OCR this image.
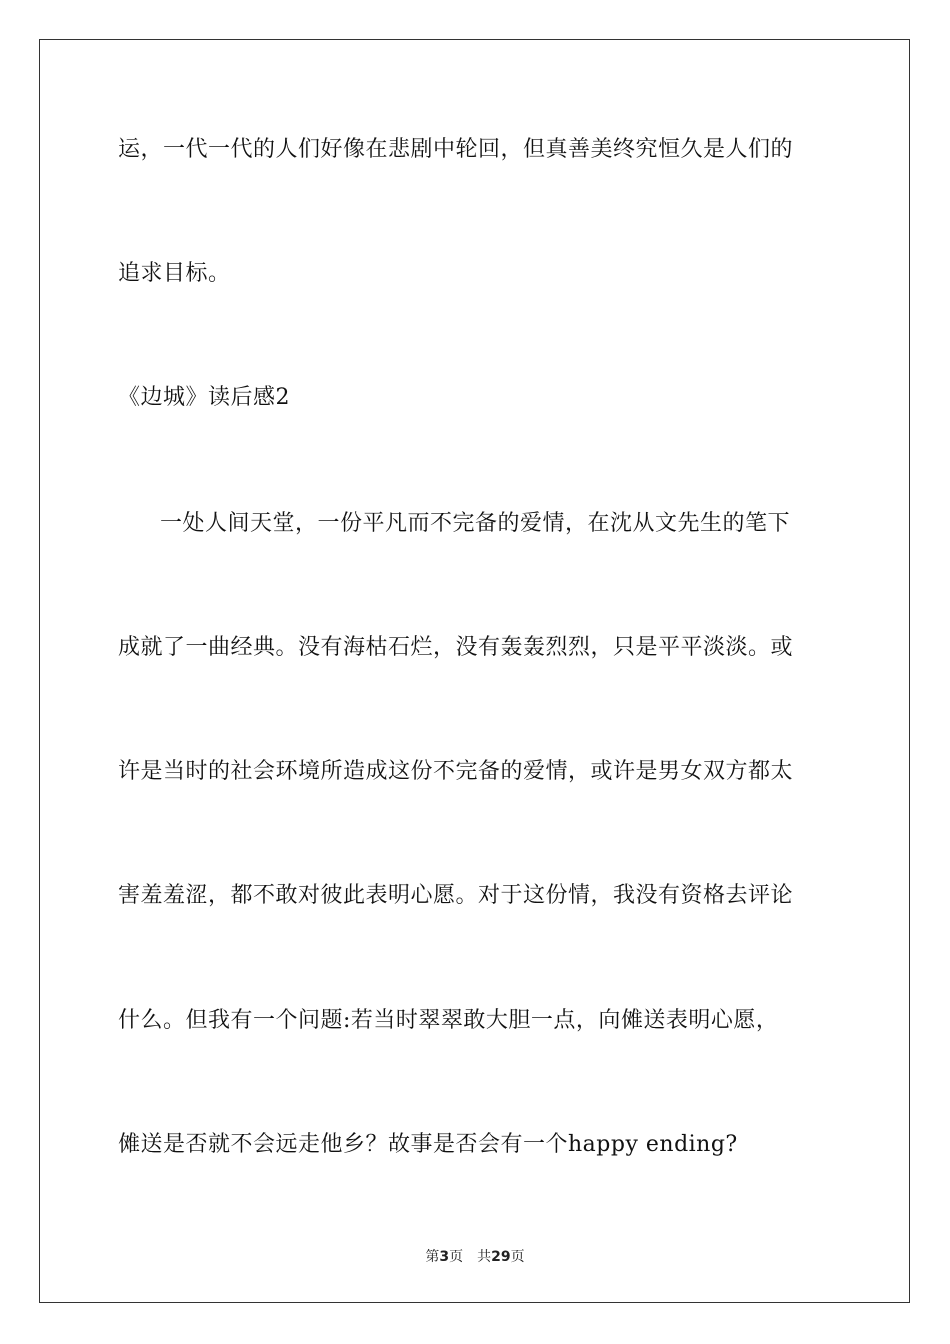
运，一代一代的人们好像在悲剧中轮回，但真善美终究恒久是人们的
追求目标。
《边城》读后感2
一处人间天堂，一份平凡而不完备的爱情，在沈从文先生的笔下
成就了一曲经典。没有海枯石烂，没有轰轰烈烈，只是平平淡淡。或
许是当时的社会环境所造成这份不完备的爱情，或许是男女双方都太
害羞羞涩，都不敢对彼此表明心愿。对于这份情，我没有资格去评论
什么。但我有一个问题:若当时翠翠敢大胆一点，向傩送表明心愿，
傩送是否就不会远走他乡？故事是否会有一个happy ending?
第3页 共29页
